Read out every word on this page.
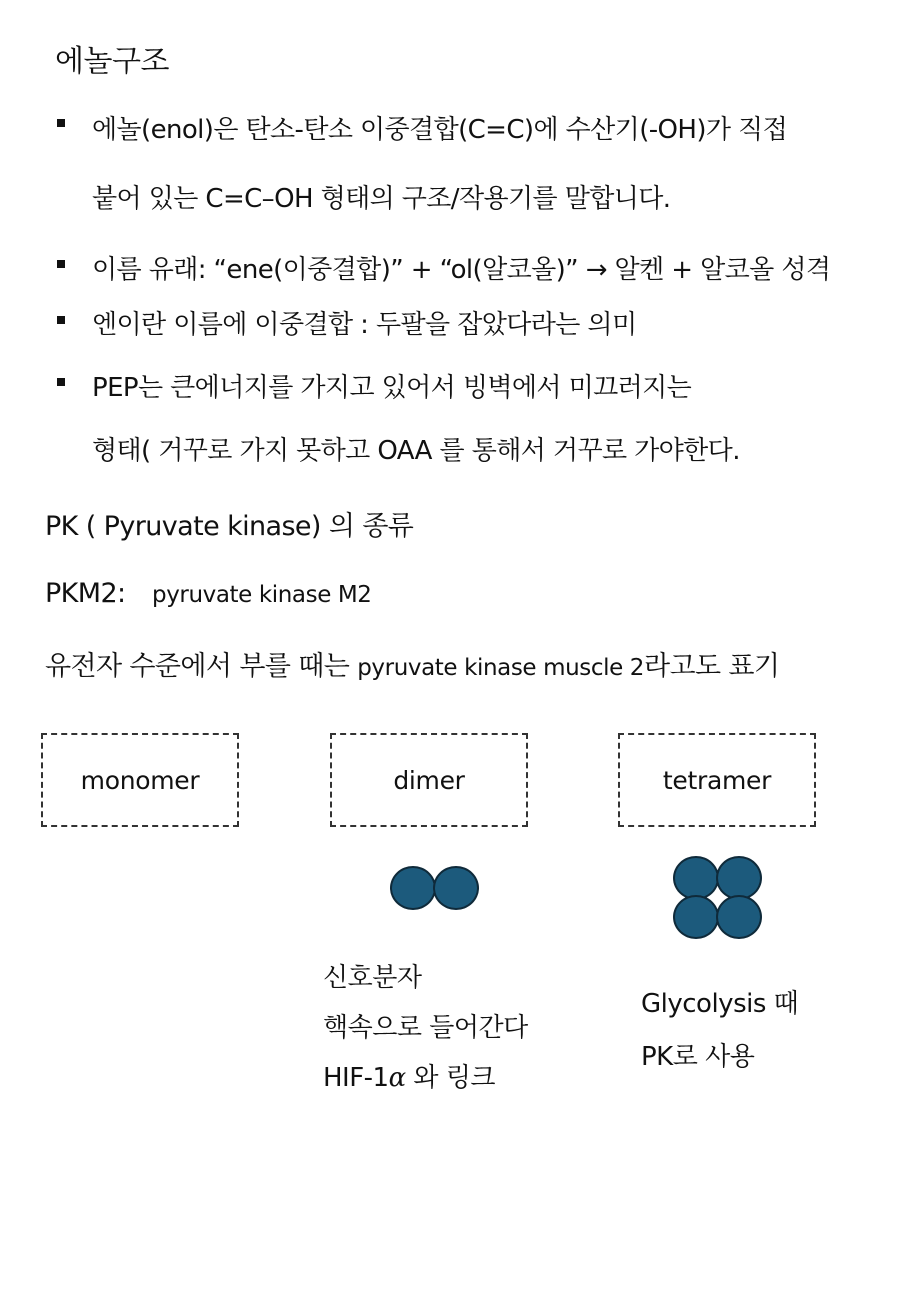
에놀구조
에놀(enol)은 탄소-탄소 이중결합(C=C)에 수산기(-OH)가 직접
붙어 있는 C=C–OH 형태의 구조/작용기를 말합니다.
이름 유래: “ene(이중결합)” + “ol(알코올)” → 알켄 + 알코올 성격
엔이란 이름에 이중결합 : 두팔을 잡았다라는 의미
PEP는 큰에너지를 가지고 있어서 빙벽에서 미끄러지는
형태( 거꾸로 가지 못하고 OAA 를 통해서 거꾸로 가야한다.
PK ( Pyruvate kinase) 의 종류
PKM2: pyruvate kinase M2
유전자 수준에서 부를 때는 pyruvate kinase muscle 2라고도 표기
monomer	dimer	tetramer
신호분자
핵속으로 들어간다
HIF-1α 와 링크
Glycolysis 때
PK로 사용
